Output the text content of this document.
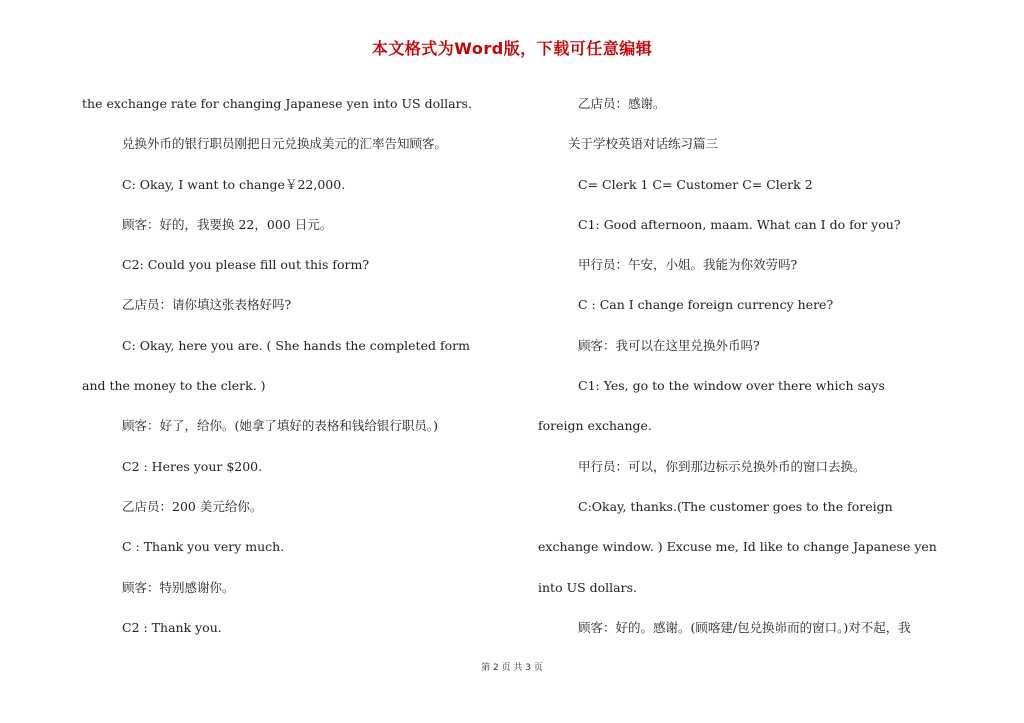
本文格式为Word版，下载可任意编辑
the exchange rate for changing Japanese yen into US dollars.
兑换外币的银行职员刚把日元兑换成美元的汇率告知顾客。
C: Okay, I want to change￥22,000.
顾客：好的，我要换 22，000 日元。
C2: Could you please fill out this form?
乙店员：请你填这张表格好吗?
C: Okay, here you are. ( She hands the completed form
and the money to the clerk. )
顾客：好了，给你。(她拿了填好的表格和钱给银行职员。)
C2 : Heres your $200.
乙店员：200 美元给你。
C : Thank you very much.
顾客：特别感谢你。
C2 : Thank you.
乙店员：感谢。
关于学校英语对话练习篇三
C= Clerk 1 C= Customer C= Clerk 2
C1: Good afternoon, maam. What can I do for you?
甲行员：午安，小姐。我能为你效劳吗?
C : Can I change foreign currency here?
顾客：我可以在这里兑换外币吗?
C1: Yes, go to the window over there which says
foreign exchange.
甲行员：可以，你到那边标示兑换外币的窗口去换。
C:Okay, thanks.(The customer goes to the foreign
exchange window. ) Excuse me, Id like to change Japanese yen
into US dollars.
顾客：好的。感谢。(顾喀建/包兑换峁而的窗口。)对不起，我
第 2 页 共 3 页
